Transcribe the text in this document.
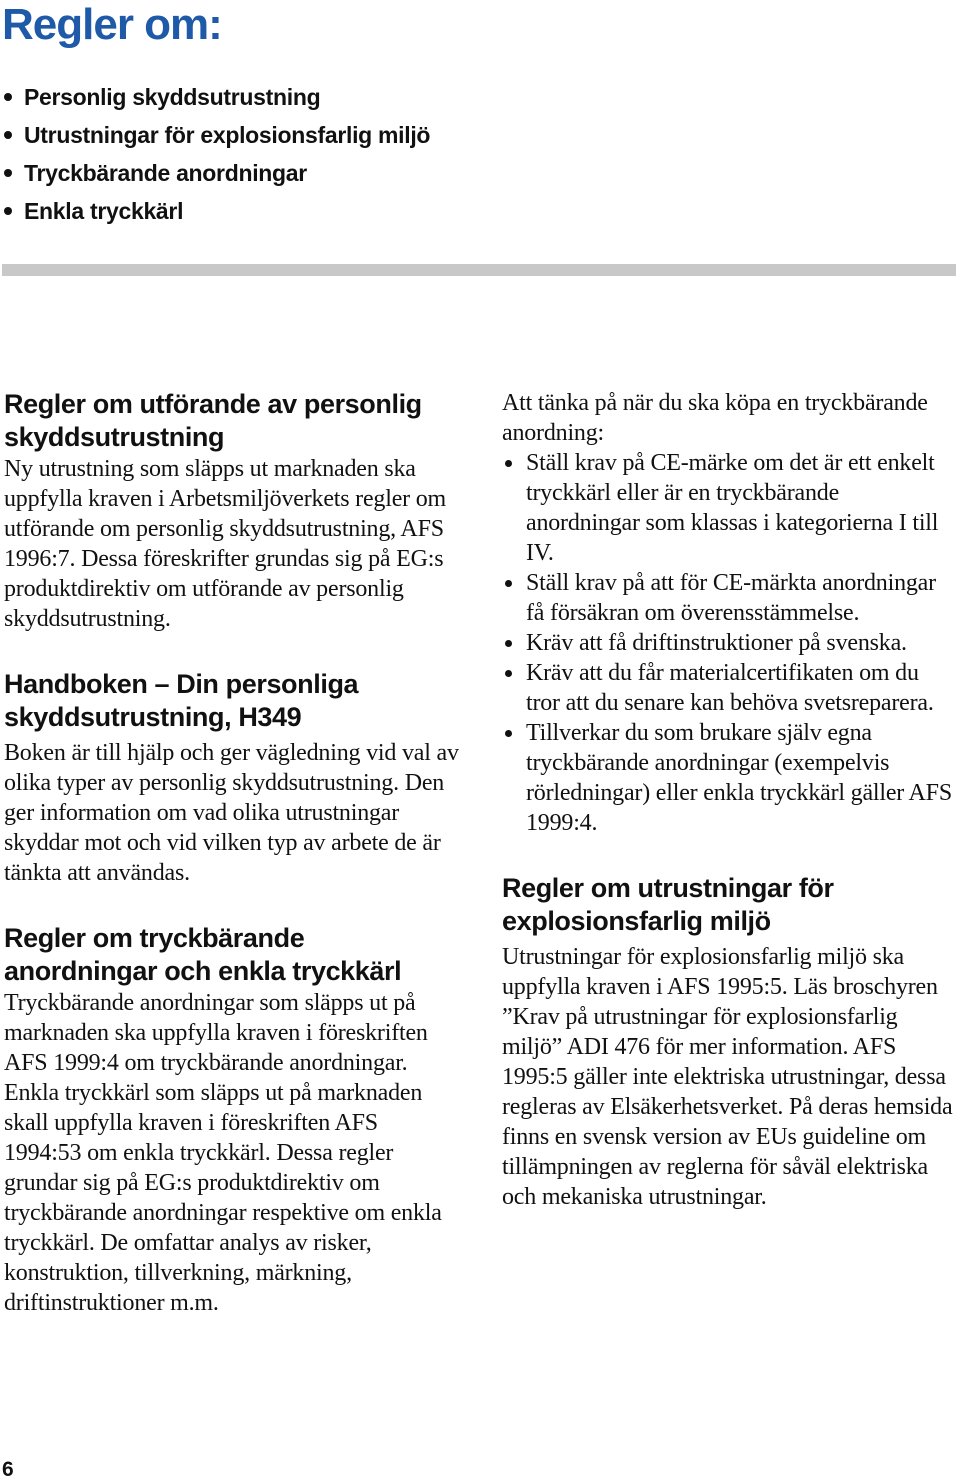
Regler om:
Personlig skyddsutrustning
Utrustningar för explosionsfarlig miljö
Tryckbärande anordningar
Enkla tryckkärl
Regler om utförande av personlig skyddsutrustning

Ny utrustning som släpps ut marknaden ska uppfylla kraven i Arbetsmiljöverkets regler om utförande om personlig skyddsutrustning, AFS 1996:7. Dessa föreskrifter grundas sig på EG:s produktdirektiv om utförande av personlig skyddsutrustning.

Handboken – Din personliga skyddsutrustning, H349

Boken är till hjälp och ger vägledning vid val av olika typer av personlig skyddsutrustning. Den ger information om vad olika utrustningar skyddar mot och vid vilken typ av arbete de är tänkta att användas.

Regler om tryckbärande anordningar och enkla tryckkärl

Tryckbärande anordningar som släpps ut på marknaden ska uppfylla kraven i föreskriften AFS 1999:4 om tryckbärande anordningar. Enkla tryckkärl som släpps ut på marknaden skall uppfylla kraven i föreskriften AFS 1994:53 om enkla tryckkärl. Dessa regler grundar sig på EG:s produktdirektiv om tryckbärande anordningar respektive om enkla tryckkärl. De omfattar analys av risker, konstruktion, tillverkning, märkning, driftinstruktioner m.m.

Att tänka på när du ska köpa en tryckbärande anordning:

Ställ krav på CE-märke om det är ett enkelt tryckkärl eller är en tryckbärande anordningar som klassas i kategorierna I till IV.
Ställ krav på att för CE-märkta anordningar få försäkran om överensstämmelse.
Kräv att få driftinstruktioner på svenska.
Kräv att du får materialcertifikaten om du tror att du senare kan behöva svetsreparera.
Tillverkar du som brukare själv egna tryckbärande anordningar (exempelvis rörledningar) eller enkla tryckkärl gäller AFS 1999:4.
Regler om utrustningar för explosionsfarlig miljö

Utrustningar för explosionsfarlig miljö ska uppfylla kraven i AFS 1995:5. Läs broschyren ”Krav på utrustningar för explosionsfarlig miljö” ADI 476 för mer information. AFS 1995:5 gäller inte elektriska utrustningar, dessa regleras av Elsäkerhetsverket. På deras hemsida finns en svensk version av EUs guideline om tillämpningen av reglerna för såväl elektriska och mekaniska utrustningar.

6
